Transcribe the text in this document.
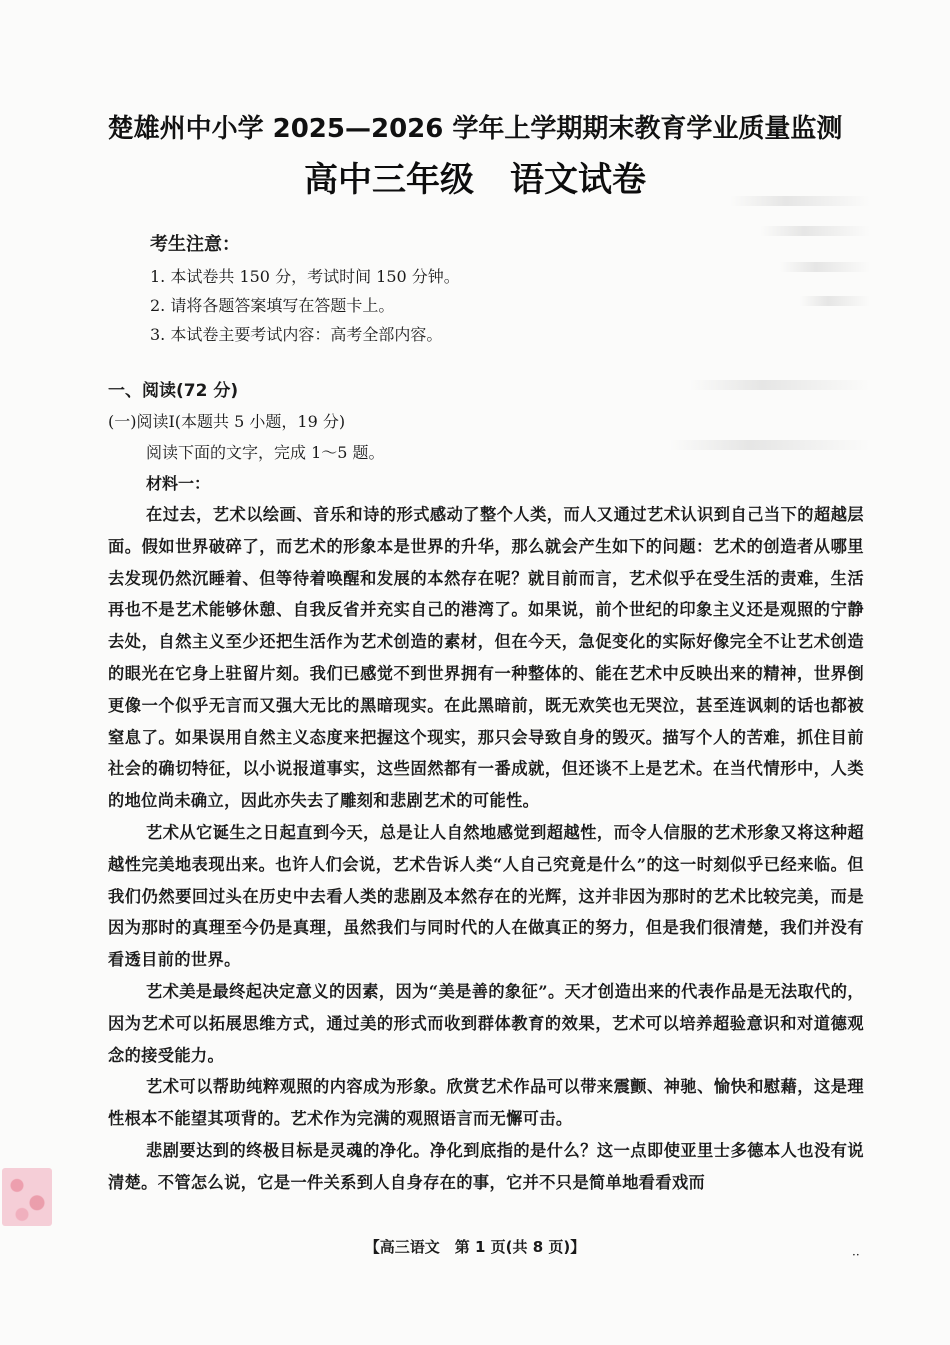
楚雄州中小学 2025—2026 学年上学期期末教育学业质量监测
高中三年级 语文试卷
考生注意：
1. 本试卷共 150 分，考试时间 150 分钟。
2. 请将各题答案填写在答题卡上。
3. 本试卷主要考试内容：高考全部内容。
一、阅读(72 分)
(一)阅读Ⅰ(本题共 5 小题，19 分)
阅读下面的文字，完成 1～5 题。
材料一：

在过去，艺术以绘画、音乐和诗的形式感动了整个人类，而人又通过艺术认识到自己当下的超越层面。假如世界破碎了，而艺术的形象本是世界的升华，那么就会产生如下的问题：艺术的创造者从哪里去发现仍然沉睡着、但等待着唤醒和发展的本然存在呢？就目前而言，艺术似乎在受生活的责难，生活再也不是艺术能够休憩、自我反省并充实自己的港湾了。如果说，前个世纪的印象主义还是观照的宁静去处，自然主义至少还把生活作为艺术创造的素材，但在今天，急促变化的实际好像完全不让艺术创造的眼光在它身上驻留片刻。我们已感觉不到世界拥有一种整体的、能在艺术中反映出来的精神，世界倒更像一个似乎无言而又强大无比的黑暗现实。在此黑暗前，既无欢笑也无哭泣，甚至连讽刺的话也都被窒息了。如果误用自然主义态度来把握这个现实，那只会导致自身的毁灭。描写个人的苦难，抓住目前社会的确切特征，以小说报道事实，这些固然都有一番成就，但还谈不上是艺术。在当代情形中，人类的地位尚未确立，因此亦失去了雕刻和悲剧艺术的可能性。

艺术从它诞生之日起直到今天，总是让人自然地感觉到超越性，而令人信服的艺术形象又将这种超越性完美地表现出来。也许人们会说，艺术告诉人类“人自己究竟是什么”的这一时刻似乎已经来临。但我们仍然要回过头在历史中去看人类的悲剧及本然存在的光辉，这并非因为那时的艺术比较完美，而是因为那时的真理至今仍是真理，虽然我们与同时代的人在做真正的努力，但是我们很清楚，我们并没有看透目前的世界。

艺术美是最终起决定意义的因素，因为“美是善的象征”。天才创造出来的代表作品是无法取代的，因为艺术可以拓展思维方式，通过美的形式而收到群体教育的效果，艺术可以培养超验意识和对道德观念的接受能力。

艺术可以帮助纯粹观照的内容成为形象。欣赏艺术作品可以带来震颤、神驰、愉快和慰藉，这是理性根本不能望其项背的。艺术作为完满的观照语言而无懈可击。

悲剧要达到的终极目标是灵魂的净化。净化到底指的是什么？这一点即使亚里士多德本人也没有说清楚。不管怎么说，它是一件关系到人自身存在的事，它并不只是简单地看看戏而

【高三语文　第 1 页(共 8 页)】	··
